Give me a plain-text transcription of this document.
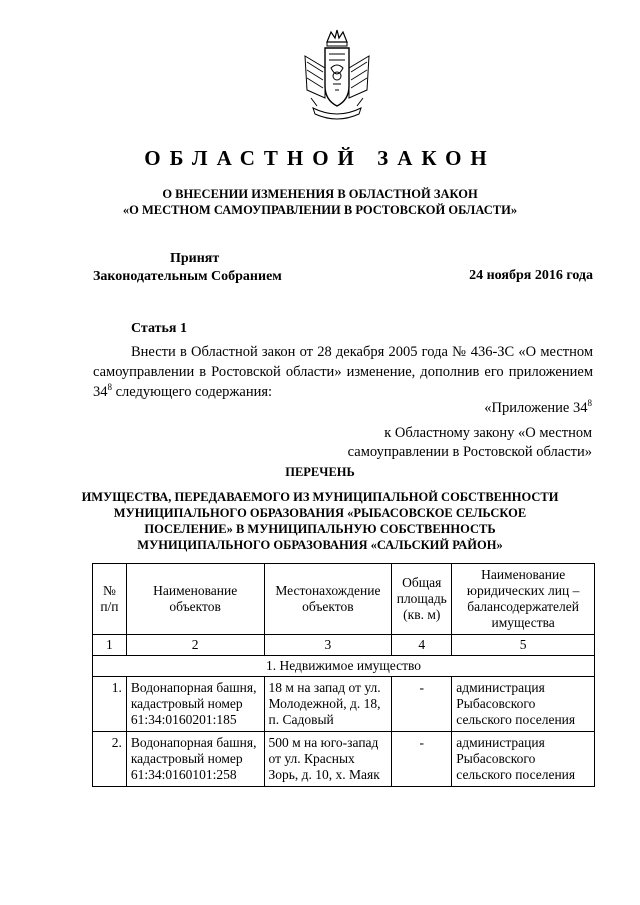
ОБЛАСТНОЙ ЗАКОН
О ВНЕСЕНИИ ИЗМЕНЕНИЯ В ОБЛАСТНОЙ ЗАКОН
«О МЕСТНОМ САМОУПРАВЛЕНИИ В РОСТОВСКОЙ ОБЛАСТИ»
Принят
Законодательным Собранием	24 ноября 2016 года
Статья 1
Внести в Областной закон от 28 декабря 2005 года № 436-ЗС «О местном самоуправлении в Ростовской области» изменение, дополнив его приложением $34^8$ следующего содержания:
«Приложение $34^8$
к Областному закону «О местном
самоуправлении в Ростовской области»
ПЕРЕЧЕНЬ
ИМУЩЕСТВА, ПЕРЕДАВАЕМОГО ИЗ МУНИЦИПАЛЬНОЙ СОБСТВЕННОСТИ
МУНИЦИПАЛЬНОГО ОБРАЗОВАНИЯ «РЫБАСОВСКОЕ СЕЛЬСКОЕ
ПОСЕЛЕНИЕ» В МУНИЦИПАЛЬНУЮ СОБСТВЕННОСТЬ
МУНИЦИПАЛЬНОГО ОБРАЗОВАНИЯ «САЛЬСКИЙ РАЙОН»
№ п/п	Наименование объектов	Местонахождение объектов	Общая площадь (кв. м)	Наименование юридических лиц – балансодержателей имущества
1	2	3	4	5
1. Недвижимое имущество				
1.	Водонапорная башня, кадастровый номер 61:34:0160201:185	18 м на запад от ул. Молодежной, д. 18, п. Садовый	-	администрация Рыбасовского сельского поселения
2.	Водонапорная башня, кадастровый номер 61:34:0160101:258	500 м на юго-запад от ул. Красных Зорь, д. 10, х. Маяк	-	администрация Рыбасовского сельского поселения
